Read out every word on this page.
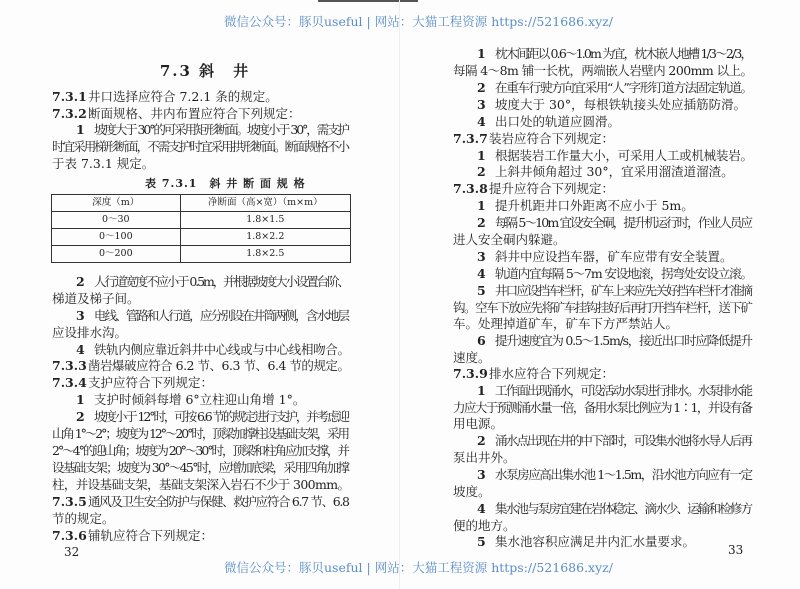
微信公众号：豚贝useful | 网站：大猫工程资源 https://521686.xyz/
微信公众号：豚贝useful | 网站：大猫工程资源 https://521686.xyz/
7.3 斜　井
表 7.3.1　斜 井 断 面 规 格
深度（m）	净断面（高×宽）（m×m）
0～30	1.8×1.5
0～100	1.8×2.2
0～200	1.8×2.5
32	33
7.3.1井口选择应符合 7.2.1 条的规定。
7.3.2断面规格、井内布置应符合下列规定：
1 坡度大于 30°的可采用矩形断面。坡度小于 30°，需支护
时宜采用梯形断面，不需支护时宜采用拱形断面。断面规格不小
于表 7.3.1 规定。
2 人行道宽度不应小于 0.5m，并根据坡度大小设置台阶、
梯道及梯子间。
3 电线、管路和人行道，应分别设在井筒两侧，含水地层
应设排水沟。
4 铁轨内侧应靠近斜井中心线或与中心线相吻合。
7.3.3凿岩爆破应符合 6.2 节、6.3 节、6.4 节的规定。
7.3.4支护应符合下列规定：
1 支护时倾斜每增 6°立柱迎山角增 1°。
2 坡度小于 12°时，可按 6.6 节的规定进行支护，并考虑迎
山角 1°～2°；坡度为 12°～20°时，顶梁加撑柱设基础支架，采用
2°～4°的迎山角；坡度为 20°～30°时，顶梁和柱角应加支撑，并
设基础支架；坡度为 30°～45°时，应增加底梁，采用四角加撑
柱，并设基础支架，基础支架深入岩石不少于 300mm。
7.3.5通风及卫生安全防护与保健、救护应符合 6.7 节、6.8
节的规定。
7.3.6铺轨应符合下列规定：
1 枕木间距以 0.6～1.0m 为宜，枕木嵌人地槽 1/3～2/3，
每隔 4～8m 铺一长枕，两端嵌人岩壁内 200mm 以上。
2 在重车行驶方向宜采用“人”字形钉道方法固定轨道。
3 坡度大于 30°，每根铁轨接头处应插筋防滑。
4 出口处的轨道应圆滑。
7.3.7装岩应符合下列规定：
1 根据装岩工作量大小，可采用人工或机械装岩。
2 上斜井倾角超过 30°，宜采用溜渣道溜渣。
7.3.8提升应符合下列规定：
1 提升机距井口外距离不应小于 5m。
2 每隔 5～10m 宜设安全硐，提升机运行时，作业人员应
进人安全硐内躲避。
3 斜井中应设挡车器，矿车应带有安全装置。
4 轨道内宜每隔 5～7m 安设地滚，拐弯处安设立滚。
5 井口应设挡车栏杆，矿车上来应先关好挡车栏杆才准摘
钩。空车下放应先将矿车挂钩挂好后再打开挡车栏杆，送下矿
车。处理掉道矿车，矿车下方严禁站人。
6 提升速度宜为 0.5～1.5m/s，接近出口时应降低提升
速度。
7.3.9排水应符合下列规定：
1 工作面出现涌水，可设活动水泵进行排水。水泵排水能
力应大于预测涌水量一倍，备用水泵比例应为 1∶1，并设有备
用电源。
2 涌水点出现在井的中下部时，可设集水池将水导人后再
泵出井外。
3 水泵房应高出集水池 1～1.5m，沿水池方向应有一定
坡度。
4 集水池与泵房宜建在岩体稳定、滴水少、运输和检修方
便的地方。
5 集水池容积应满足井内汇水量要求。
